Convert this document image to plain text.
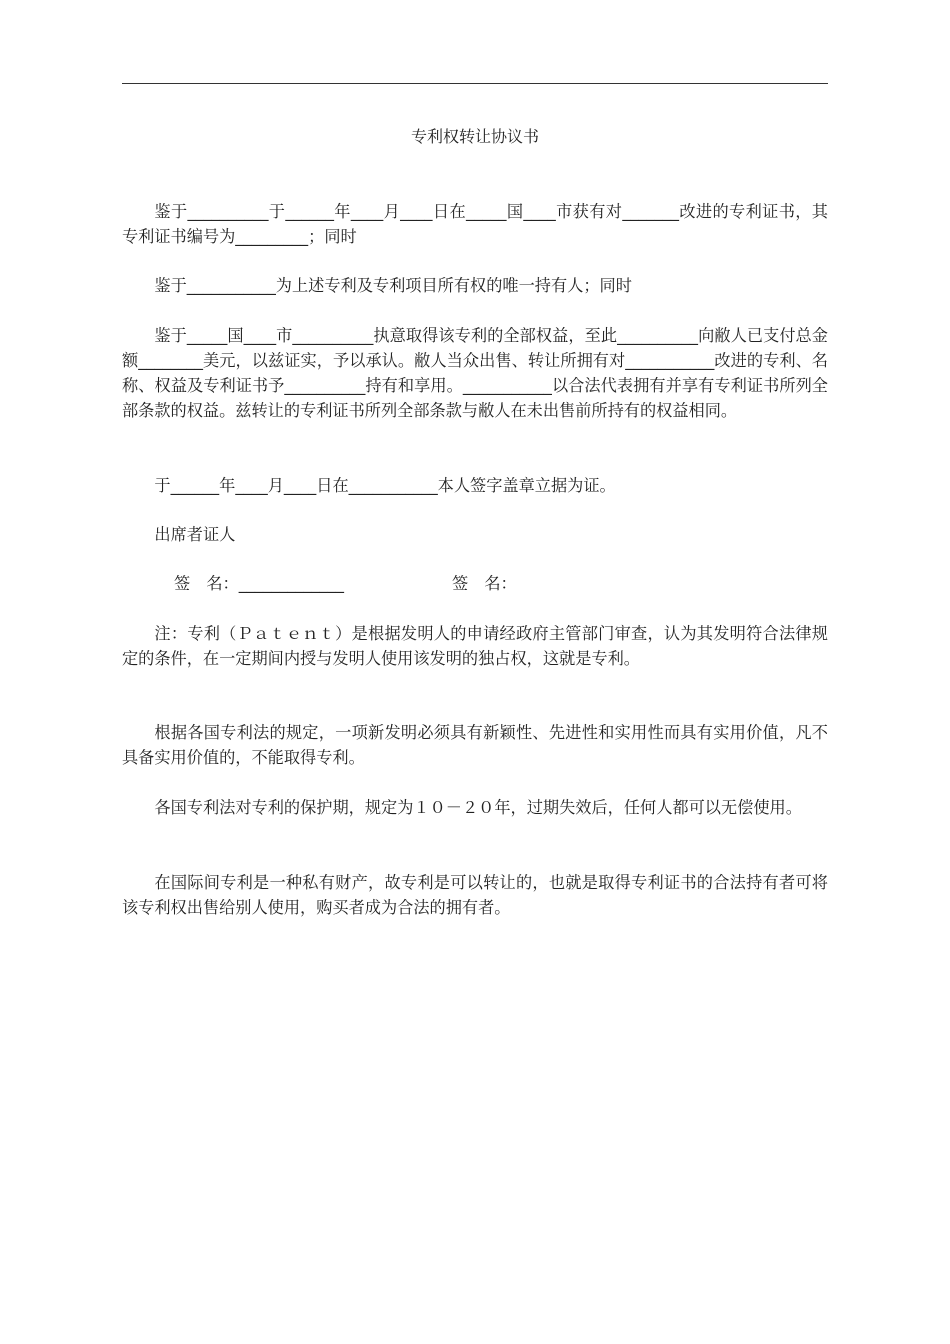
专利权转让协议书
鉴于__________于______年____月____日在_____国____市获有对_______改进的专利证书，其专利证书编号为_________；同时
鉴于___________为上述专利及专利项目所有权的唯一持有人；同时
鉴于_____国____市__________执意取得该专利的全部权益，至此__________向敝人已支付总金额________美元，以兹证实，予以承认。敝人当众出售、转让所拥有对___________改进的专利、名称、权益及专利证书予__________持有和享用。___________以合法代表拥有并享有专利证书所列全部条款的权益。兹转让的专利证书所列全部条款与敝人在未出售前所持有的权益相同。
于______年____月____日在___________本人签字盖章立据为证。
出席者证人
签　名：_____________	签　名：
注：专利（Ｐａｔｅｎｔ）是根据发明人的申请经政府主管部门审查，认为其发明符合法律规定的条件，在一定期间内授与发明人使用该发明的独占权，这就是专利。
根据各国专利法的规定，一项新发明必须具有新颖性、先进性和实用性而具有实用价值，凡不具备实用价值的，不能取得专利。
各国专利法对专利的保护期，规定为１０－２０年，过期失效后，任何人都可以无偿使用。
在国际间专利是一种私有财产，故专利是可以转让的，也就是取得专利证书的合法持有者可将该专利权出售给别人使用，购买者成为合法的拥有者。
